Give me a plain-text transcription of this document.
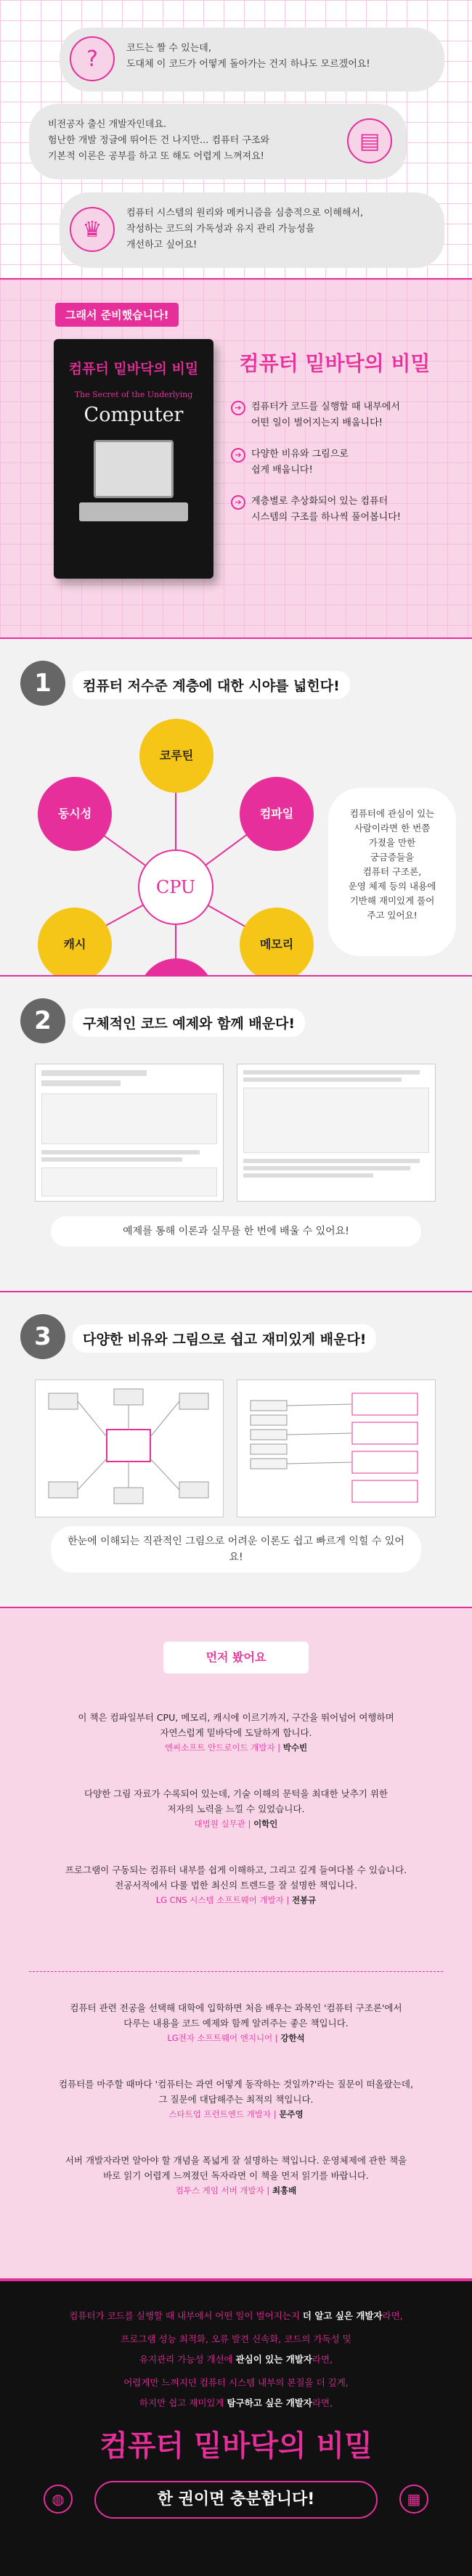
코드는 짤 수 있는데,
도대체 이 코드가 어떻게 돌아가는 건지 하나도 모르겠어요!
?
비전공자 출신 개발자인데요.
험난한 개발 정글에 뛰어든 건 나지만... 컴퓨터 구조와
기본적 이론은 공부를 하고 또 해도 어렵게 느껴져요!
▤
컴퓨터 시스템의 원리와 메커니즘을 심층적으로 이해해서,
작성하는 코드의 가독성과 유지 관리 가능성을
개선하고 싶어요!
♛
그래서 준비했습니다!
컴퓨터 밑바닥의 비밀
The Secret of the Underlying
Computer
컴퓨터 밑바닥의 비밀
➔	컴퓨터가 코드를 실행할 때 내부에서
어떤 일이 벌어지는지 배웁니다!
➔	다양한 비유와 그림으로
쉽게 배웁니다!
➔	계층별로 추상화되어 있는 컴퓨터
시스템의 구조를 하나씩 풀어봅니다!
1	컴퓨터 저수준 계층에 대한 시야를 넓힌다!
코루틴
컴파일
메모리
캐시
동시성
CPU
컴퓨터에 관심이 있는
사람이라면 한 번쯤
가졌을 만한
궁금증들을
컴퓨터 구조론,
운영 체제 등의 내용에
기반해 재미있게 풀어
주고 있어요!
2	구체적인 코드 예제와 함께 배운다!
예제를 통해 이론과 실무를 한 번에 배울 수 있어요!
3	다양한 비유와 그림으로 쉽고 재미있게 배운다!
한눈에 이해되는 직관적인 그림으로 어려운 이론도 쉽고 빠르게 익힐 수 있어요!
먼저 봤어요
이 책은 컴파일부터 CPU, 메모리, 캐시에 이르기까지, 구간을 뛰어넘어 여행하며
자연스럽게 밑바닥에 도달하게 합니다.
엔씨소프트 안드로이드 개발자 | 박수빈
다양한 그림 자료가 수록되어 있는데, 기술 이해의 문턱을 최대한 낮추기 위한
저자의 노력을 느낄 수 있었습니다.
대법원 실무관 | 이학인
프로그램이 구동되는 컴퓨터 내부를 쉽게 이해하고, 그리고 깊게 들여다볼 수 있습니다.
전공서적에서 다룰 법한 최신의 트렌드를 잘 설명한 책입니다.
LG CNS 시스템 소프트웨어 개발자 | 전봉규
컴퓨터 관련 전공을 선택해 대학에 입학하면 처음 배우는 과목인 '컴퓨터 구조론'에서
다루는 내용을 코드 예제와 함께 알려주는 좋은 책입니다.
LG전자 소프트웨어 엔지니어 | 강한석
컴퓨터를 마주할 때마다 '컴퓨터는 과연 어떻게 동작하는 것일까?'라는 질문이 떠올랐는데,
그 질문에 대답해주는 최적의 책입니다.
스타트업 프런트엔드 개발자 | 문주영
서버 개발자라면 알아야 할 개념을 폭넓게 잘 설명하는 책입니다. 운영체제에 관한 책을
바로 읽기 어렵게 느껴졌던 독자라면 이 책을 먼저 읽기를 바랍니다.
컴투스 게임 서버 개발자 | 최홍배
컴퓨터가 코드를 실행할 때 내부에서 어떤 일이 벌어지는지 더 알고 싶은 개발자라면,
프로그램 성능 최적화, 오류 발견 신속화, 코드의 가독성 및
유지관리 가능성 개선에 관심이 있는 개발자라면,
어렵게만 느껴지던 컴퓨터 시스템 내부의 본질을 더 깊게,
하지만 쉽고 재미있게 탐구하고 싶은 개발자라면,
컴퓨터 밑바닥의 비밀
◍	한 권이면 충분합니다!	▦
